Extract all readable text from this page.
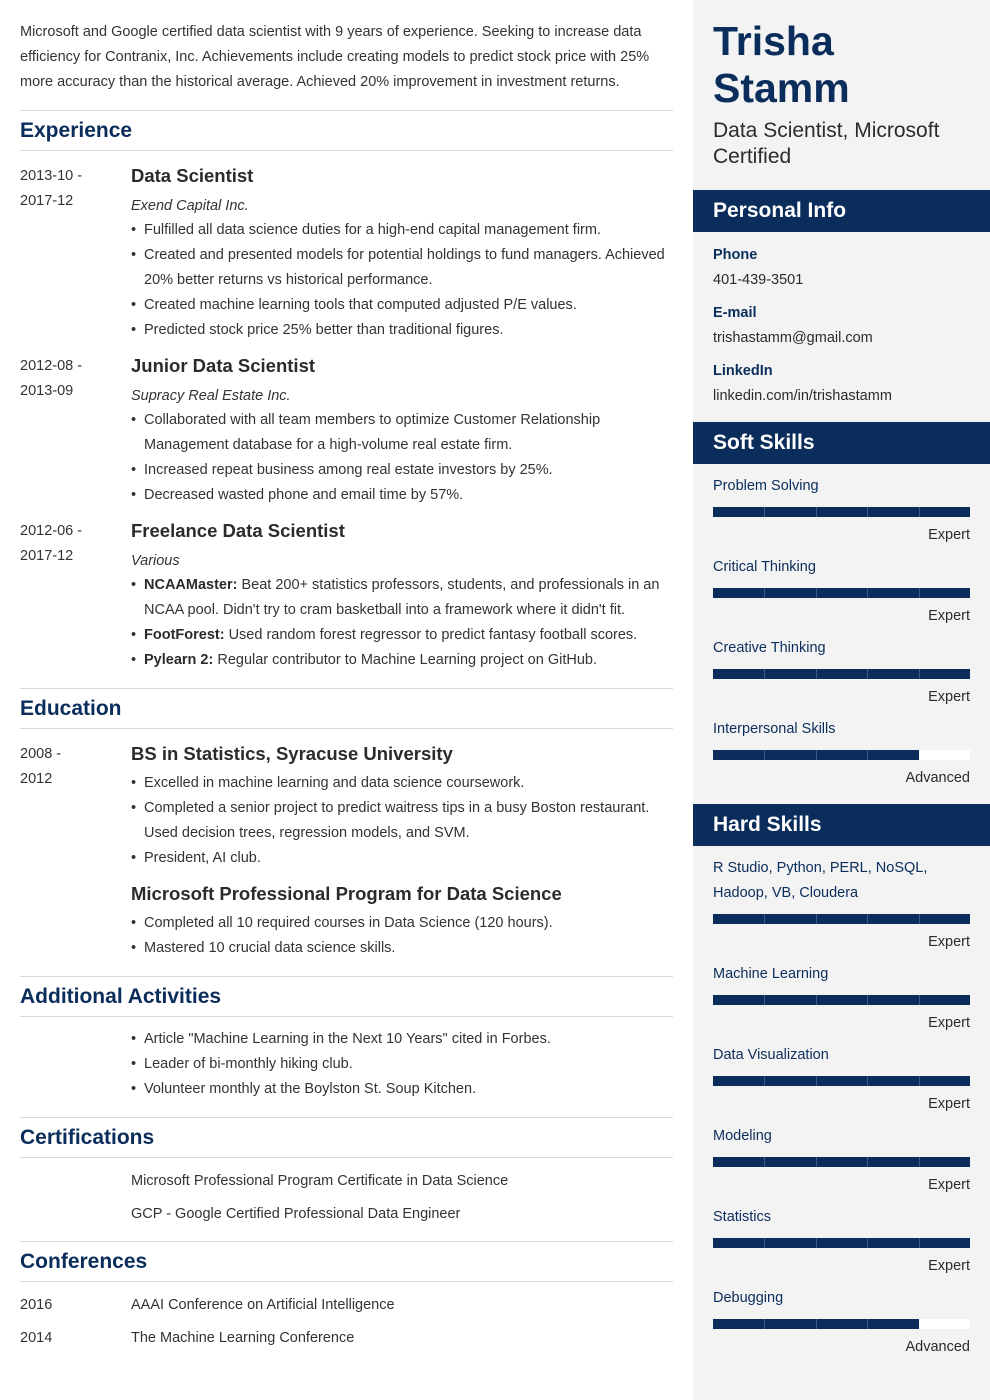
Microsoft and Google certified data scientist with 9 years of experience. Seeking to increase data efficiency for Contranix, Inc. Achievements include creating models to predict stock price with 25% more accuracy than the historical average. Achieved 20% improvement in investment returns.
Experience
2013-10 -
2017-12
Data Scientist
Exend Capital Inc.
• Fulfilled all data science duties for a high-end capital management firm.
• Created and presented models for potential holdings to fund managers. Achieved 20% better returns vs historical performance.
• Created machine learning tools that computed adjusted P/E values.
• Predicted stock price 25% better than traditional figures.
2012-08 -
2013-09
Junior Data Scientist
Supracy Real Estate Inc.
• Collaborated with all team members to optimize Customer Relationship Management database for a high-volume real estate firm.
• Increased repeat business among real estate investors by 25%.
• Decreased wasted phone and email time by 57%.
2012-06 -
2017-12
Freelance Data Scientist
Various
• NCAAMaster: Beat 200+ statistics professors, students, and professionals in an NCAA pool. Didn't try to cram basketball into a framework where it didn't fit.
• FootForest: Used random forest regressor to predict fantasy football scores.
• Pylearn 2: Regular contributor to Machine Learning project on GitHub.
Education
2008 -
2012
BS in Statistics, Syracuse University
• Excelled in machine learning and data science coursework.
• Completed a senior project to predict waitress tips in a busy Boston restaurant. Used decision trees, regression models, and SVM.
• President, AI club.
Microsoft Professional Program for Data Science
• Completed all 10 required courses in Data Science (120 hours).
• Mastered 10 crucial data science skills.
Additional Activities
• Article "Machine Learning in the Next 10 Years" cited in Forbes.
• Leader of bi-monthly hiking club.
• Volunteer monthly at the Boylston St. Soup Kitchen.
Certifications
Microsoft Professional Program Certificate in Data Science
GCP - Google Certified Professional Data Engineer
Conferences
2016	AAAI Conference on Artificial Intelligence
2014	The Machine Learning Conference
Trisha
Stamm
Data Scientist, Microsoft Certified
Personal Info
Phone
401-439-3501
E-mail
trishastamm@gmail.com
LinkedIn
linkedin.com/in/trishastamm
Soft Skills
Problem Solving
Expert
Critical Thinking
Expert
Creative Thinking
Expert
Interpersonal Skills
Advanced
Hard Skills
R Studio, Python, PERL, NoSQL, Hadoop, VB, Cloudera
Expert
Machine Learning
Expert
Data Visualization
Expert
Modeling
Expert
Statistics
Expert
Debugging
Advanced
